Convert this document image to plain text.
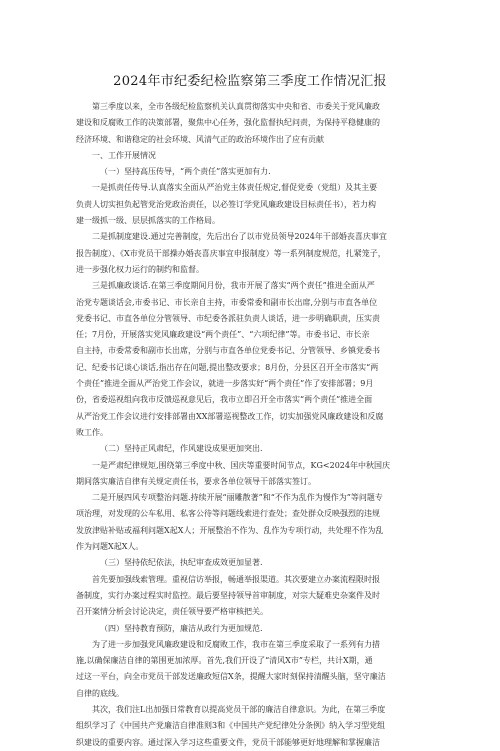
2024年市纪委纪检监察第三季度工作情况汇报
第三季度以来，全市各级纪检监察机关认真贯彻落实中央和省、市委关于党风廉政
建设和反腐败工作的决策部署，聚焦中心任务，强化监督执纪问责，为保持平稳健康的
经济环境、和谐稳定的社会环境、风清气正的政治环境作出了应有贡献
一、工作开展情况
（一）坚持高压传导，“两个责任”落实更加有力.
一是抓责任传导.认真落实全面从严治党主体责任规定,督促党委（党组）及其主要
负责人切实担负起管党治党政治责任，以必签订学党风廉政建设目标责任书），若力构
建一级抓一级、层层抓落实的工作格局。
二是抓制度建设.通过完善制度，先后出台了以市党员领导2024年干部婚丧喜庆事宜
报告制度）、《X市党员干部操办婚丧喜庆事宜申报制度）等一系列制度规范，扎紧笼子，
进一步强化权力运行的制约和监督。
三是抓廉政谈话.在第三季度期间月份，我市开展了落实“两个责任”推进全面从严
治党专题谈话会,市委书记、市长亲自主持，市委常委和副市长出席,分别与市直各单位
党委书记、市直各单位分管领导、市纪委各派驻负责人谈话，进一步明确职责，压实责
任；7月份，开展落实党风廉政建设“两个责任”、“六项纪律”等。市委书记、市长亲
自主持，市委常委和副市长出席，分别与市直各单位党委书记、分管领导、乡镇党委书
记、纪委书记谈心谈话,指出存在问题,提出整改要求；8月份，分县区召开全市落实“两
个责任”推进全面从严治党工作会议，就进一步落实好“两个责任”作了安排部署；9月
份，省委巡视组向我市反馈巡视意见后，我市立即召开全市落实“两个责任”推进全面
从严治党工作会议进行安排部署由XX部署巡视整改工作，切实加强党风廉政建设和反腐
败工作。
（二）坚持正风肃纪，作风建设成果更加突出.
一是严肃纪律规矩,围绕第三季度中秋、国庆等重要时间节点，KG<2024年中秋国庆
期间落实廉洁自律有关规定责任书，要求各单位领导干部落实签订。
二是开展四风专项整治问题.持续开展“丽雕散著”和“不作为乱作为慢作为”等问题专
项治理，对发现的公车私用、私客公待等问题线索进行查处；查处群众反映强烈的违规
发放津贴补贴或福利问题X起X人；开展整治不作为、乱作为专项行动，共处理不作为乱
作为问题X起X人。
（三）坚持依纪依法，执纪审查成效更加显著.
首先要加强线索管理。重视信访举报，畅通举报渠道。其次要建立办案流程限时报
备制度，实行办案过程实时监控。最后要坚持领导首审制度，对宗大疑难史杂案件及时
召开案情分析会讨论决定，责任领导要严格审核把关。
（四）坚持教育预防，廉洁从政行为更加规范.
为了进一步加强党风廉政建设和反腐败工作，我市在第三季度采取了一系列有力措
施,以确保廉洁自律的第围更加浓厚。首先,我们开设了“清风X市”专栏，共计X期，通
过这一平台，向全市党员干部发送廉政短信X条，提醒大家时刻保持清醒头脑，坚守廉洁
自律的底线。
其次，我们注L出加强日常教育以提高党员干部的廉洁自律意识。为此，在第三季度
组织学习了《中国共产党廉洁自律准则3和《中国共产党纪律处分条例》纳入学习型党组
织建设的重要内容。通过深入学习这些重要文件，党员干部能够更好地理解和掌握廉洁
